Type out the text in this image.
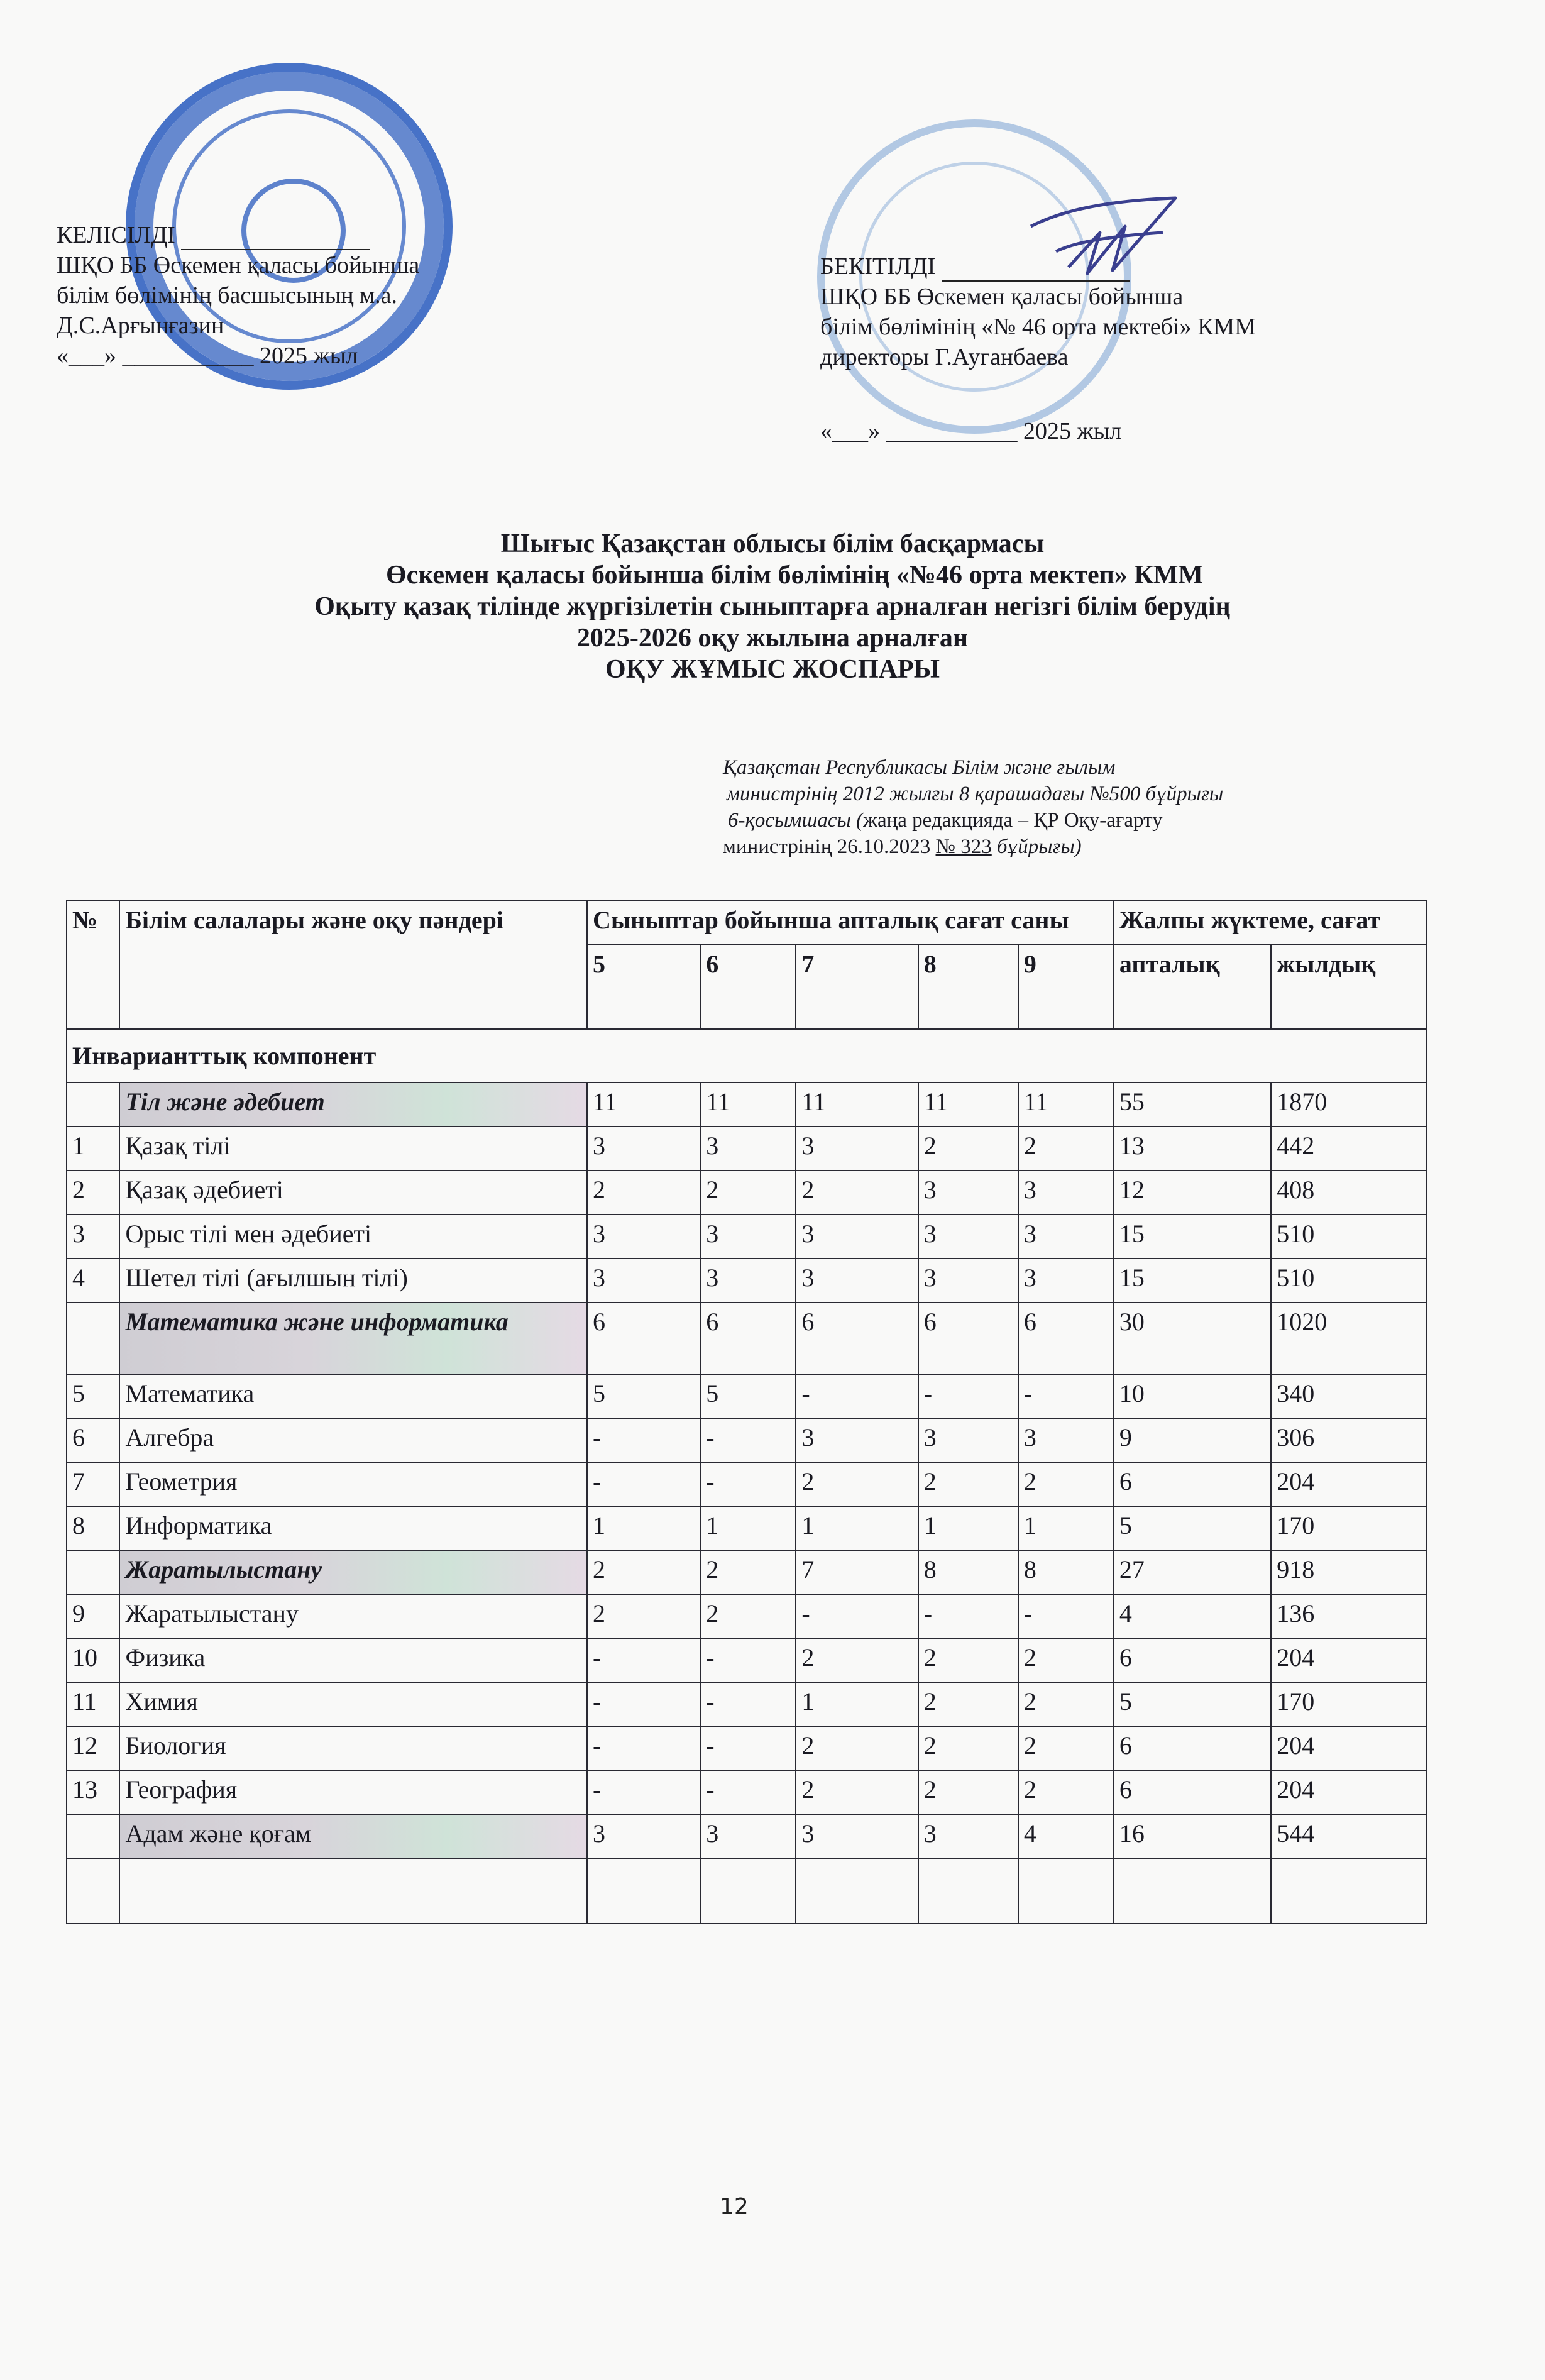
КЕЛІСІЛДІ
ШҚО ББ Өскемен қаласы бойынша
білім бөлімінің басшысының м.а.
Д.С.Арғынғазин
«___» ___________ 2025 жыл
БЕКІТІЛДІ
ШҚО ББ Өскемен қаласы бойынша
білім бөлімінің «№ 46 орта мектебі» КММ
директоры Г.Ауганбаева
«___» ___________ 2025 жыл
Шығыс Қазақстан облысы білім басқармасы
Өскемен қаласы бойынша білім бөлімінің «№46 орта мектеп» КММ
Оқыту қазақ тілінде жүргізілетін сыныптарға арналған негізгі білім берудің
2025-2026 оқу жылына арналған
ОҚУ ЖҰМЫС ЖОСПАРЫ
Қазақстан Республикасы Білім және ғылым
министрінің 2012 жылғы 8 қарашадағы №500 бұйрығы
6-қосымшасы (жаңа редакцияда – ҚР Оқу-ағарту
министрінің 26.10.2023 № 323 бұйрығы)
№	Білім салалары және оқу пәндері	Сыныптар бойынша апталық сағат саны					Жалпы жүктеме, сағат	
		5	6	7	8	9	апталық	жылдық
Инварианттық компонент								
	Тіл және әдебиет	11	11	11	11	11	55	1870
1	Қазақ тілі	3	3	3	2	2	13	442
2	Қазақ әдебиеті	2	2	2	3	3	12	408
3	Орыс тілі мен әдебиеті	3	3	3	3	3	15	510
4	Шетел тілі (ағылшын тілі)	3	3	3	3	3	15	510
	Математика және информатика	6	6	6	6	6	30	1020
5	Математика	5	5	-	-	-	10	340
6	Алгебра	-	-	3	3	3	9	306
7	Геометрия	-	-	2	2	2	6	204
8	Информатика	1	1	1	1	1	5	170
	Жаратылыстану	2	2	7	8	8	27	918
9	Жаратылыстану	2	2	-	-	-	4	136
10	Физика	-	-	2	2	2	6	204
11	Химия	-	-	1	2	2	5	170
12	Биология	-	-	2	2	2	6	204
13	География	-	-	2	2	2	6	204
	Адам және қоғам	3	3	3	3	4	16	544

12
